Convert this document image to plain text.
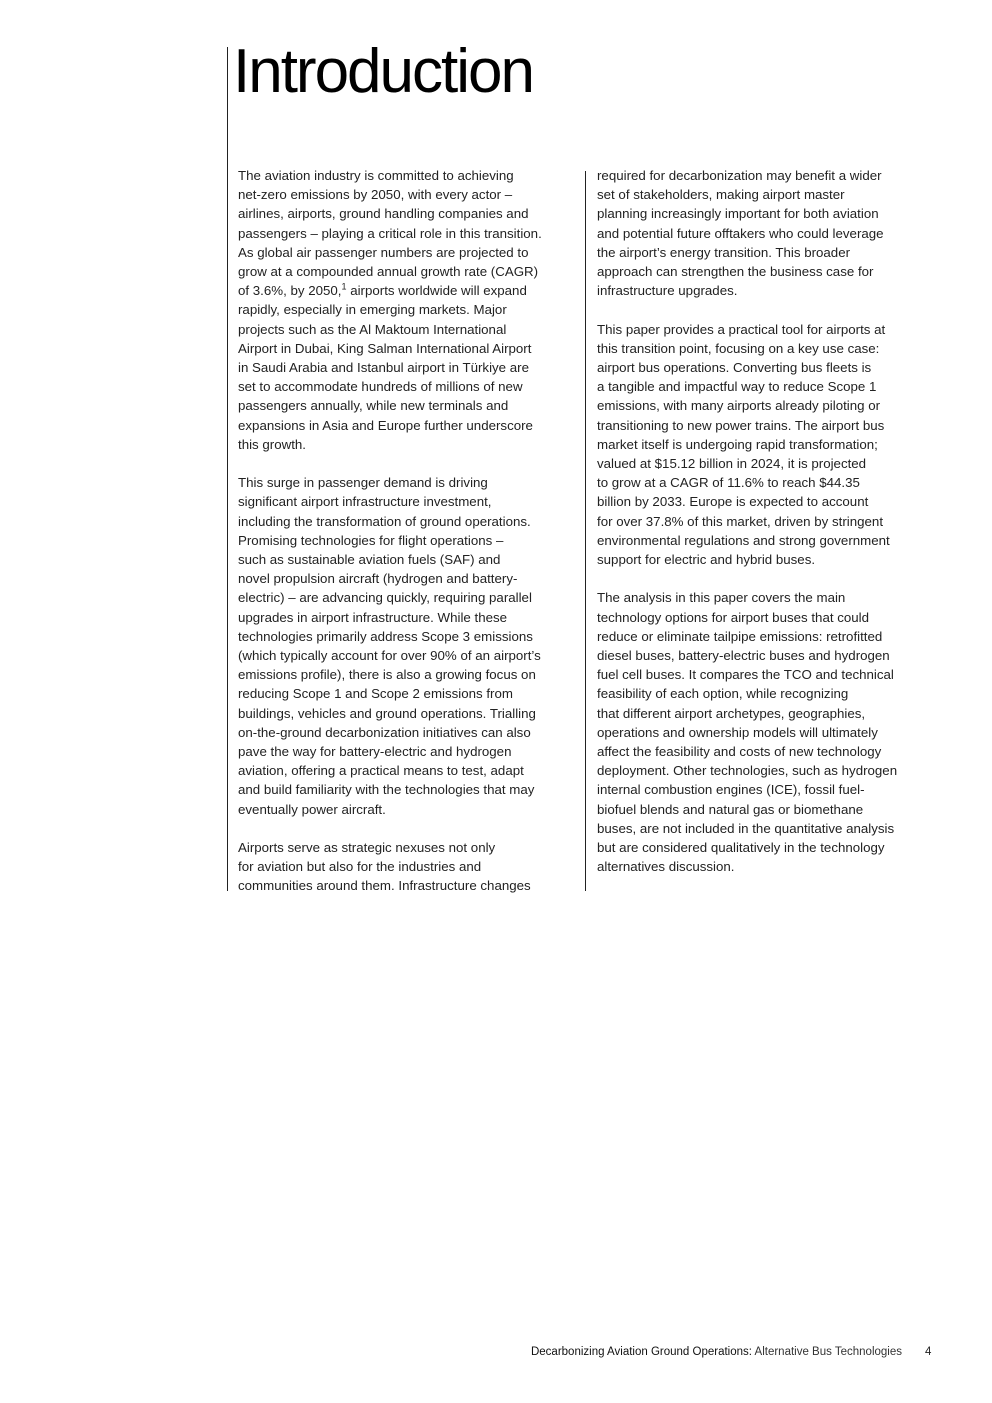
Introduction

The aviation industry is committed to achieving
net-zero emissions by 2050, with every actor –
airlines, airports, ground handling companies and
passengers – playing a critical role in this transition.
As global air passenger numbers are projected to
grow at a compounded annual growth rate (CAGR)
of 3.6%, by 2050,$^1$ airports worldwide will expand
rapidly, especially in emerging markets. Major
projects such as the Al Maktoum International
Airport in Dubai, King Salman International Airport
in Saudi Arabia and Istanbul airport in Türkiye are
set to accommodate hundreds of millions of new
passengers annually, while new terminals and
expansions in Asia and Europe further underscore
this growth.

This surge in passenger demand is driving
significant airport infrastructure investment,
including the transformation of ground operations.
Promising technologies for flight operations –
such as sustainable aviation fuels (SAF) and
novel propulsion aircraft (hydrogen and battery-
electric) – are advancing quickly, requiring parallel
upgrades in airport infrastructure. While these
technologies primarily address Scope 3 emissions
(which typically account for over 90% of an airport’s
emissions profile), there is also a growing focus on
reducing Scope 1 and Scope 2 emissions from
buildings, vehicles and ground operations. Trialling
on-the-ground decarbonization initiatives can also
pave the way for battery-electric and hydrogen
aviation, offering a practical means to test, adapt
and build familiarity with the technologies that may
eventually power aircraft.

Airports serve as strategic nexuses not only
for aviation but also for the industries and
communities around them. Infrastructure changes

required for decarbonization may benefit a wider
set of stakeholders, making airport master
planning increasingly important for both aviation
and potential future offtakers who could leverage
the airport’s energy transition. This broader
approach can strengthen the business case for
infrastructure upgrades.

This paper provides a practical tool for airports at
this transition point, focusing on a key use case:
airport bus operations. Converting bus fleets is
a tangible and impactful way to reduce Scope 1
emissions, with many airports already piloting or
transitioning to new power trains. The airport bus
market itself is undergoing rapid transformation;
valued at $15.12 billion in 2024, it is projected
to grow at a CAGR of 11.6% to reach $44.35
billion by 2033. Europe is expected to account
for over 37.8% of this market, driven by stringent
environmental regulations and strong government
support for electric and hybrid buses.

The analysis in this paper covers the main
technology options for airport buses that could
reduce or eliminate tailpipe emissions: retrofitted
diesel buses, battery-electric buses and hydrogen
fuel cell buses. It compares the TCO and technical
feasibility of each option, while recognizing
that different airport archetypes, geographies,
operations and ownership models will ultimately
affect the feasibility and costs of new technology
deployment. Other technologies, such as hydrogen
internal combustion engines (ICE), fossil fuel-
biofuel blends and natural gas or biomethane
buses, are not included in the quantitative analysis
but are considered qualitatively in the technology
alternatives discussion.

Decarbonizing Aviation Ground Operations: Alternative Bus Technologies 4
